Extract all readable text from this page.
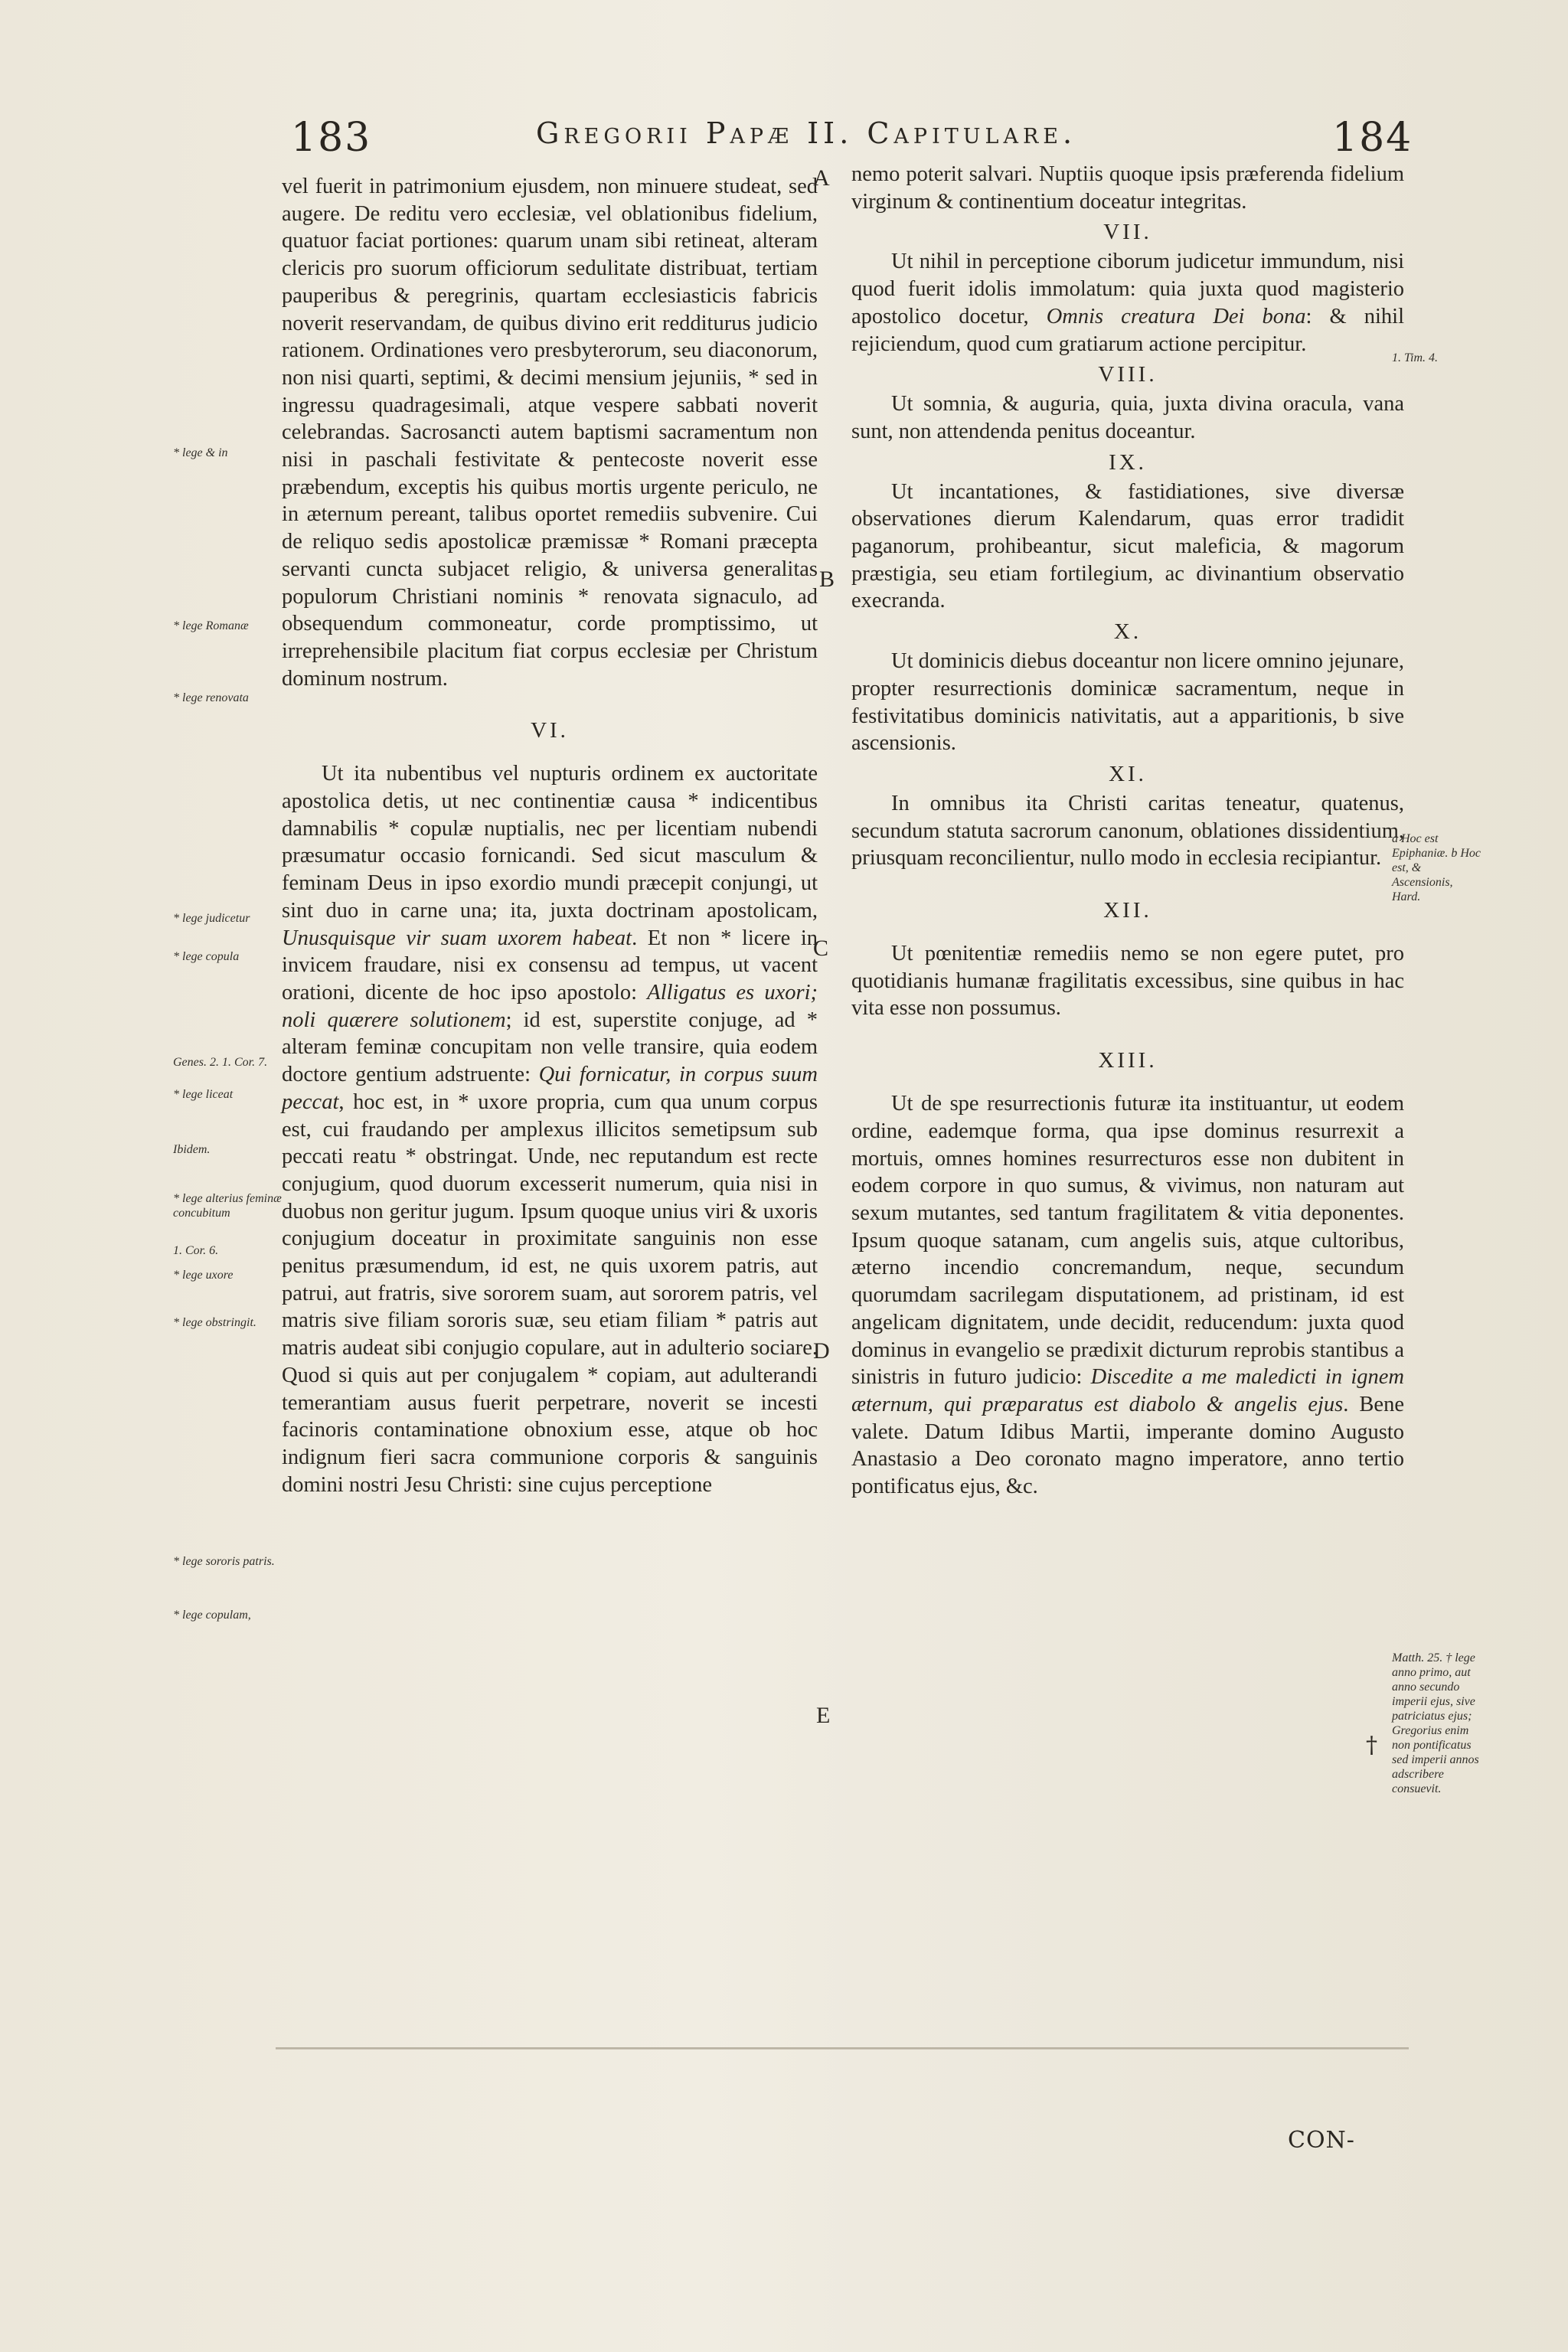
183	Gregorii Papæ II. Capitulare.	184

vel fuerit in patrimonium ejusdem, non minuere studeat, sed augere. De reditu vero ecclesiæ, vel oblationibus fidelium, quatuor faciat portiones: quarum unam sibi retineat, alteram clericis pro suorum officiorum sedulitate distribuat, tertiam pauperibus & peregrinis, quartam ecclesiasticis fabricis noverit reservandam, de quibus divino erit redditurus judicio rationem. Ordinationes vero presbyterorum, seu diaconorum, non nisi quarti, septimi, & decimi mensium jejuniis, * sed in ingressu quadragesimali, atque vespere sabbati noverit celebrandas. Sacrosancti autem baptismi sacramentum non nisi in paschali festivitate & pentecoste noverit esse præbendum, exceptis his quibus mortis urgente periculo, ne in æternum pereant, talibus oportet remediis subvenire. Cui de reliquo sedis apostolicæ præmissæ * Romani præcepta servanti cuncta subjacet religio, & universa generalitas populorum Christiani nominis * renovata signaculo, ad obsequendum commoneatur, corde promptissimo, ut irreprehensibile placitum fiat corpus ecclesiæ per Christum dominum nostrum.

VI.

Ut ita nubentibus vel nupturis ordinem ex auctoritate apostolica detis, ut nec continentiæ causa * indicentibus damnabilis * copulæ nuptialis, nec per licentiam nubendi præsumatur occasio fornicandi. Sed sicut masculum & feminam Deus in ipso exordio mundi præcepit conjungi, ut sint duo in carne una; ita, juxta doctrinam apostolicam, Unusquisque vir suam uxorem habeat. Et non * licere in invicem fraudare, nisi ex consensu ad tempus, ut vacent orationi, dicente de hoc ipso apostolo: Alligatus es uxori; noli quærere solutionem; id est, superstite conjuge, ad * alteram feminæ concupitam non velle transire, quia eodem doctore gentium adstruente: Qui fornicatur, in corpus suum peccat, hoc est, in * uxore propria, cum qua unum corpus est, cui fraudando per amplexus illicitos semetipsum sub peccati reatu * obstringat. Unde, nec reputandum est recte conjugium, quod duorum excesserit numerum, quia nisi in duobus non geritur jugum. Ipsum quoque unius viri & uxoris conjugium doceatur in proximitate sanguinis non esse penitus præsumendum, id est, ne quis uxorem patris, aut patrui, aut fratris, sive sororem suam, aut sororem patris, vel matris sive filiam sororis suæ, seu etiam filiam * patris aut matris audeat sibi conjugio copulare, aut in adulterio sociare. Quod si quis aut per conjugalem * copiam, aut adulterandi temerantiam ausus fuerit perpetrare, noverit se incesti facinoris contaminatione obnoxium esse, atque ob hoc indignum fieri sacra communione corporis & sanguinis domini nostri Jesu Christi: sine cujus perceptione

nemo poterit salvari. Nuptiis quoque ipsis præferenda fidelium virginum & continentium doceatur integritas.

VII.

Ut nihil in perceptione ciborum judicetur immundum, nisi quod fuerit idolis immolatum: quia juxta quod magisterio apostolico docetur, Omnis creatura Dei bona: & nihil rejiciendum, quod cum gratiarum actione percipitur.

VIII.

Ut somnia, & auguria, quia, juxta divina oracula, vana sunt, non attendenda penitus doceantur.

IX.

Ut incantationes, & fastidiationes, sive diversæ observationes dierum Kalendarum, quas error tradidit paganorum, prohibeantur, sicut maleficia, & magorum præstigia, seu etiam fortilegium, ac divinantium observatio execranda.

X.

Ut dominicis diebus doceantur non licere omnino jejunare, propter resurrectionis dominicæ sacramentum, neque in festivitatibus dominicis nativitatis, aut a apparitionis, b sive ascensionis.

XI.

In omnibus ita Christi caritas teneatur, quatenus, secundum statuta sacrorum canonum, oblationes dissidentium, priusquam reconcilientur, nullo modo in ecclesia recipiantur.

XII.

Ut pœnitentiæ remediis nemo se non egere putet, pro quotidianis humanæ fragilitatis excessibus, sine quibus in hac vita esse non possumus.

XIII.

Ut de spe resurrectionis futuræ ita instituantur, ut eodem ordine, eademque forma, qua ipse dominus resurrexit a mortuis, omnes homines resurrecturos esse non dubitent in eodem corpore in quo sumus, & vivimus, non naturam aut sexum mutantes, sed tantum fragilitatem & vitia deponentes. Ipsum quoque satanam, cum angelis suis, atque cultoribus, æterno incendio concremandum, neque, secundum quorumdam sacrilegam disputationem, ad pristinam, id est angelicam dignitatem, unde decidit, reducendum: juxta quod dominus in evangelio se prædixit dicturum reprobis stantibus a sinistris in futuro judicio: Discedite a me maledicti in ignem æternum, qui præparatus est diabolo & angelis ejus. Bene valete. Datum Idibus Martii, imperante domino Augusto Anastasio a Deo coronato magno imperatore, anno tertio pontificatus ejus, &c.

* lege & in
* lege Romanæ
* lege renovata
* lege judicetur
* lege copula
Genes. 2. 1. Cor. 7.
* lege liceat
Ibidem.
* lege alterius feminæ concubitum
1. Cor. 6.
* lege uxore
* lege obstringit.
* lege sororis patris.
* lege copulam,
1. Tim. 4.
a Hoc est Epiphaniæ. b Hoc est, & Ascensionis, Hard.
Matth. 25. † lege anno primo, aut anno secundo imperii ejus, sive patriciatus ejus; Gregorius enim non pontificatus sed imperii annos adscribere consuevit.
A
B
C
D
E
†

CON-
